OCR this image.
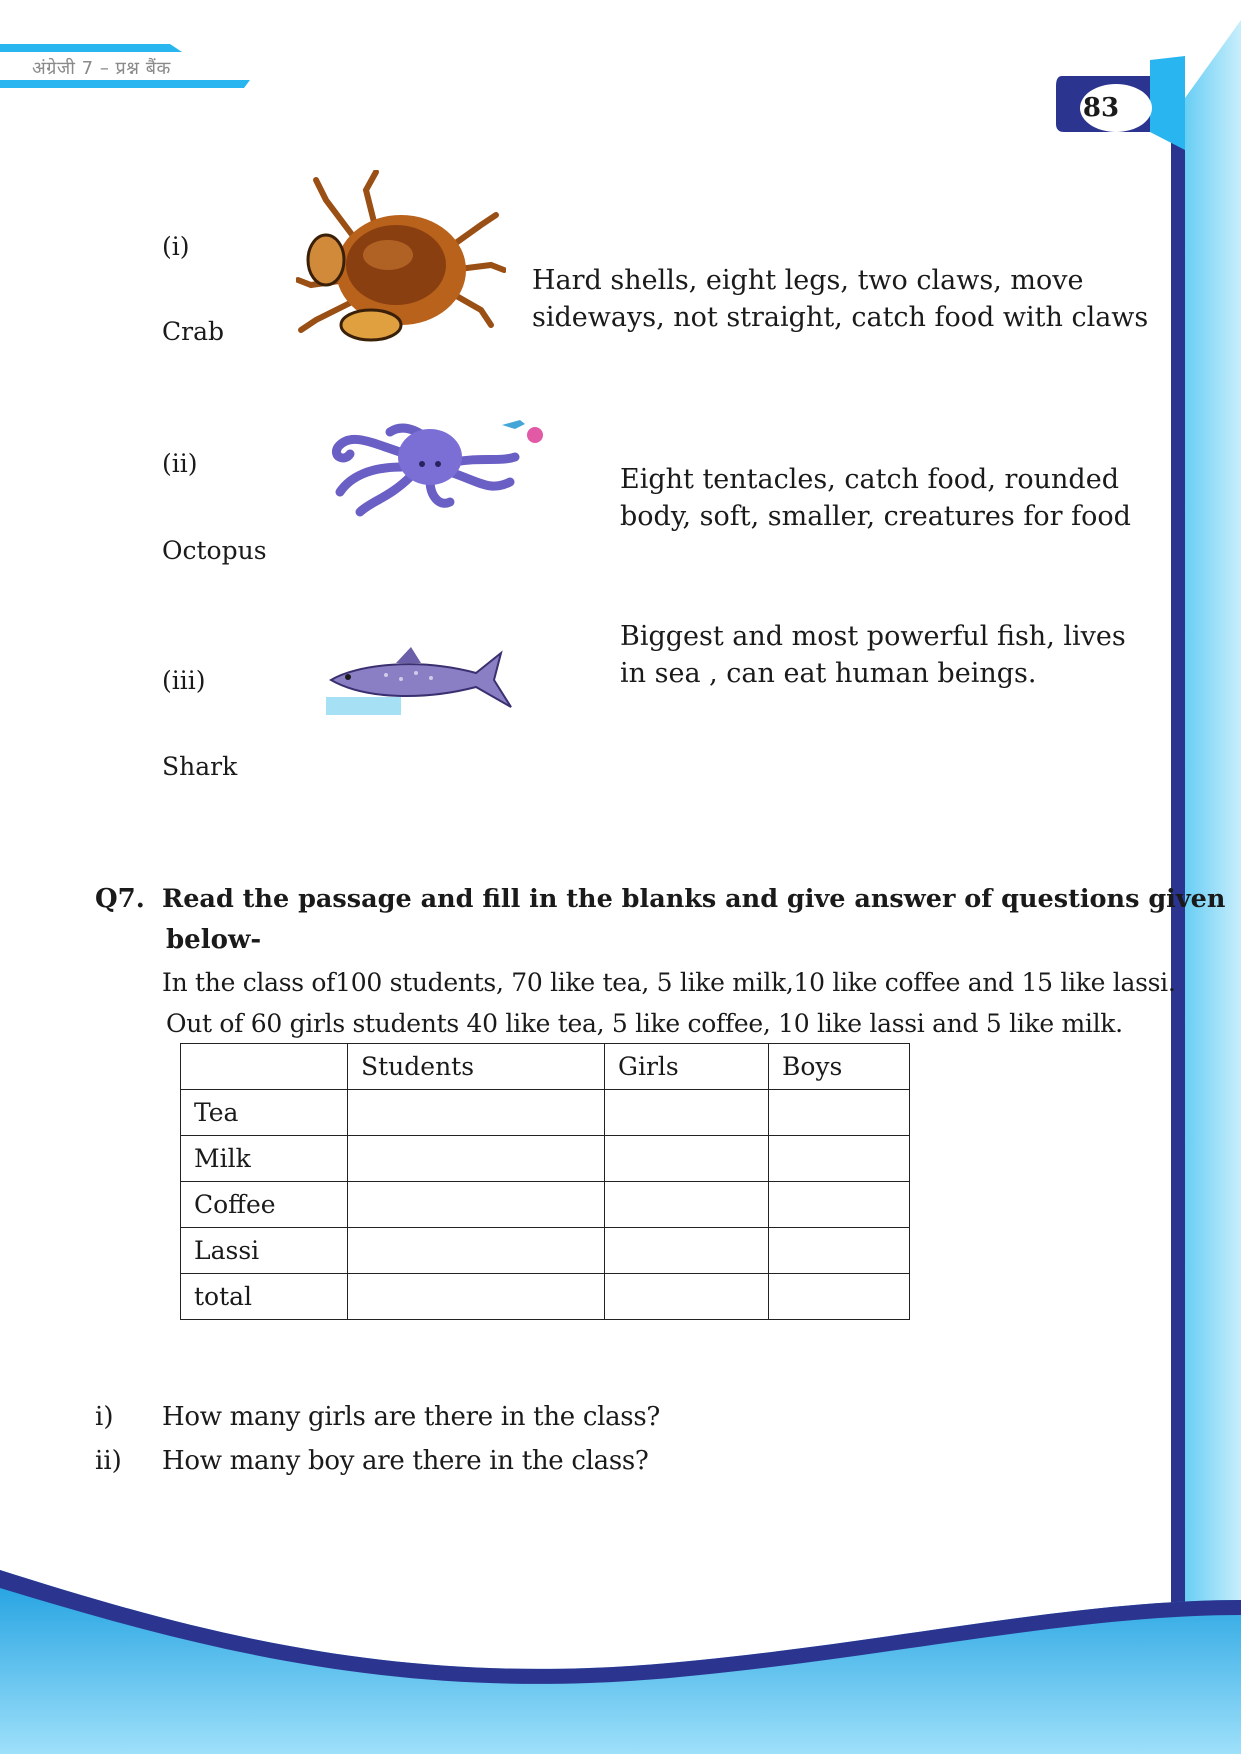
अंग्रेजी 7 – प्रश्न बैंक
83
(i)
Crab
Hard shells, eight legs, two claws, move
sideways, not straight, catch food with claws
(ii)
Octopus
Eight tentacles, catch food, rounded
body, soft, smaller, creatures for food
(iii)
Shark
Biggest and most powerful fish, lives
in sea , can eat human beings.
Q7. Read the passage and fill in the blanks and give answer of questions given
below-
In the class of100 students, 70 like tea, 5 like milk,10 like coffee and 15 like lassi.
Out of 60 girls students 40 like tea, 5 like coffee, 10 like lassi and 5 like milk.
	Students	Girls	Boys
Tea			
Milk			
Coffee			
Lassi			
total			
i) How many girls are there in the class?
ii) How many boy are there in the class?
